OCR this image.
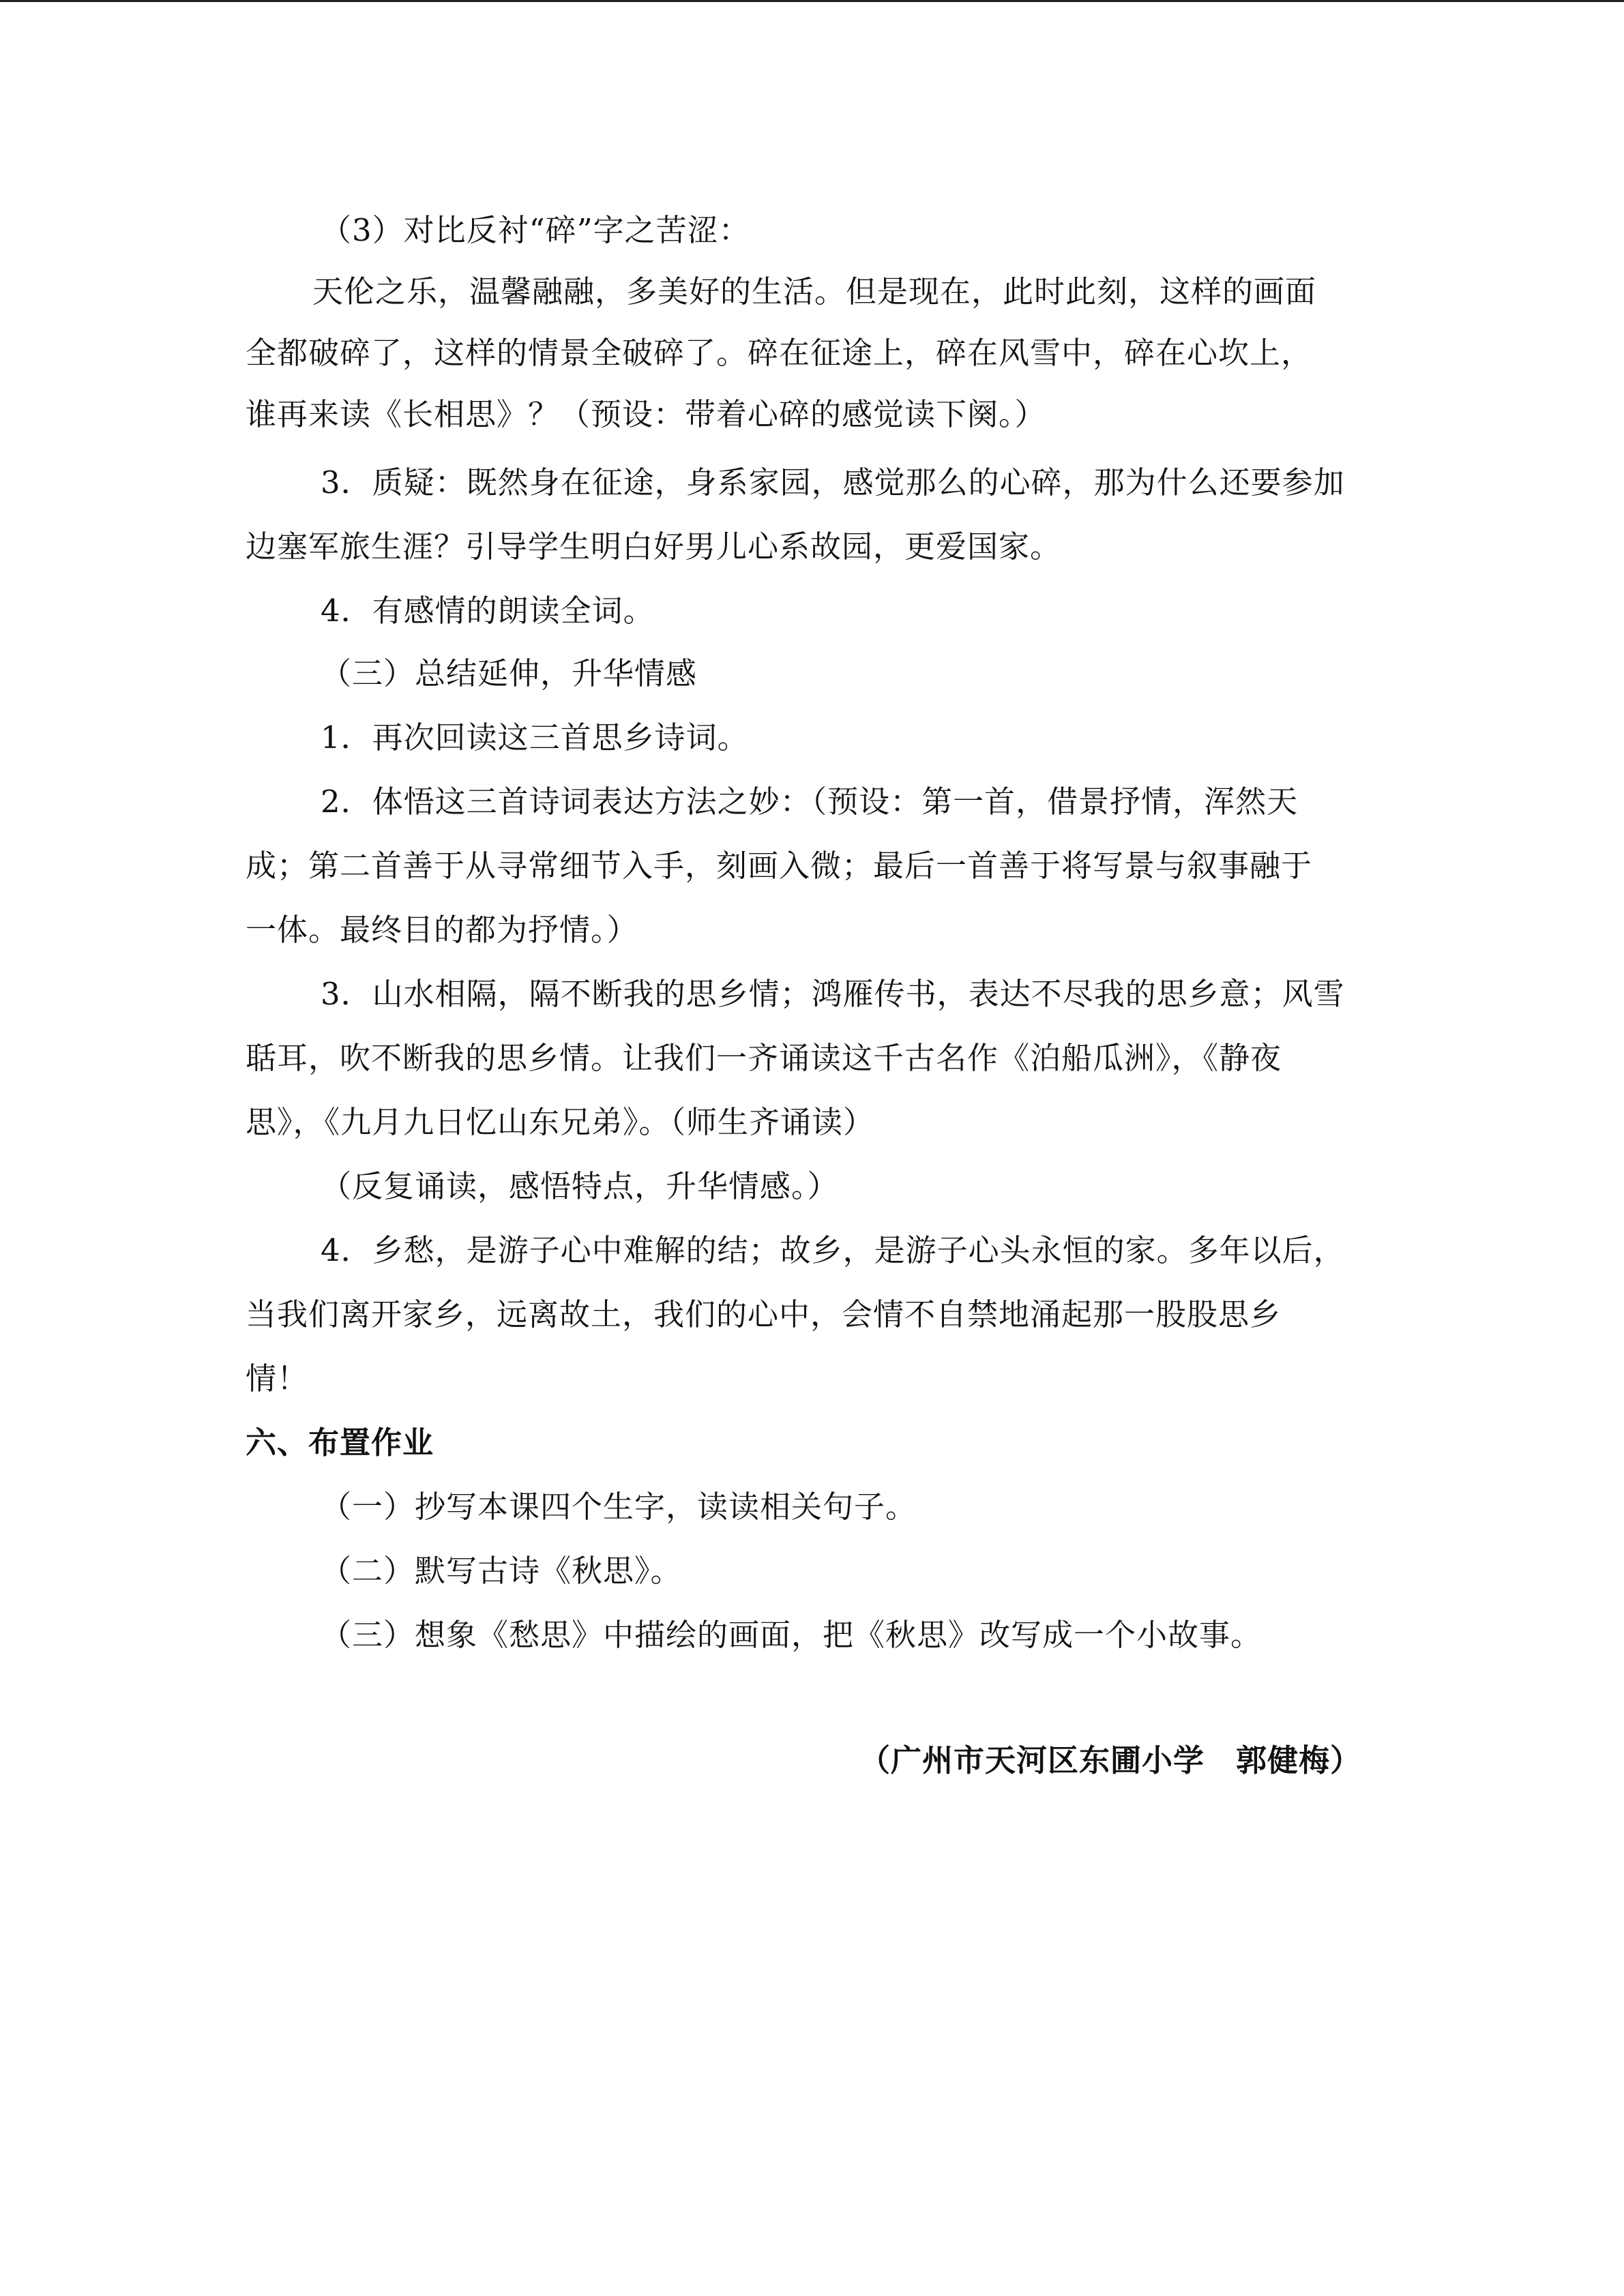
（3）对比反衬“碎”字之苦涩：
天伦之乐，温馨融融，多美好的生活。但是现在，此时此刻，这样的画面
全都破碎了，这样的情景全破碎了。碎在征途上，碎在风雪中，碎在心坎上，
谁再来读《长相思》？（预设：带着心碎的感觉读下阕。）
3．质疑：既然身在征途，身系家园，感觉那么的心碎，那为什么还要参加
边塞军旅生涯？引导学生明白好男儿心系故园，更爱国家。
4．有感情的朗读全词。
（三）总结延伸，升华情感
1．再次回读这三首思乡诗词。
2．体悟这三首诗词表达方法之妙：（预设：第一首，借景抒情，浑然天
成；第二首善于从寻常细节入手，刻画入微；最后一首善于将写景与叙事融于
一体。最终目的都为抒情。）
3．山水相隔，隔不断我的思乡情；鸿雁传书，表达不尽我的思乡意；风雪
聒耳，吹不断我的思乡情。让我们一齐诵读这千古名作《泊船瓜洲》，《静夜
思》，《九月九日忆山东兄弟》。（师生齐诵读）
（反复诵读，感悟特点，升华情感。）
4．乡愁，是游子心中难解的结；故乡，是游子心头永恒的家。多年以后，
当我们离开家乡，远离故土，我们的心中，会情不自禁地涌起那一股股思乡
情！
六、布置作业
（一）抄写本课四个生字，读读相关句子。
（二）默写古诗《秋思》。
（三）想象《愁思》中描绘的画面，把《秋思》改写成一个小故事。
（广州市天河区东圃小学　郭健梅）
